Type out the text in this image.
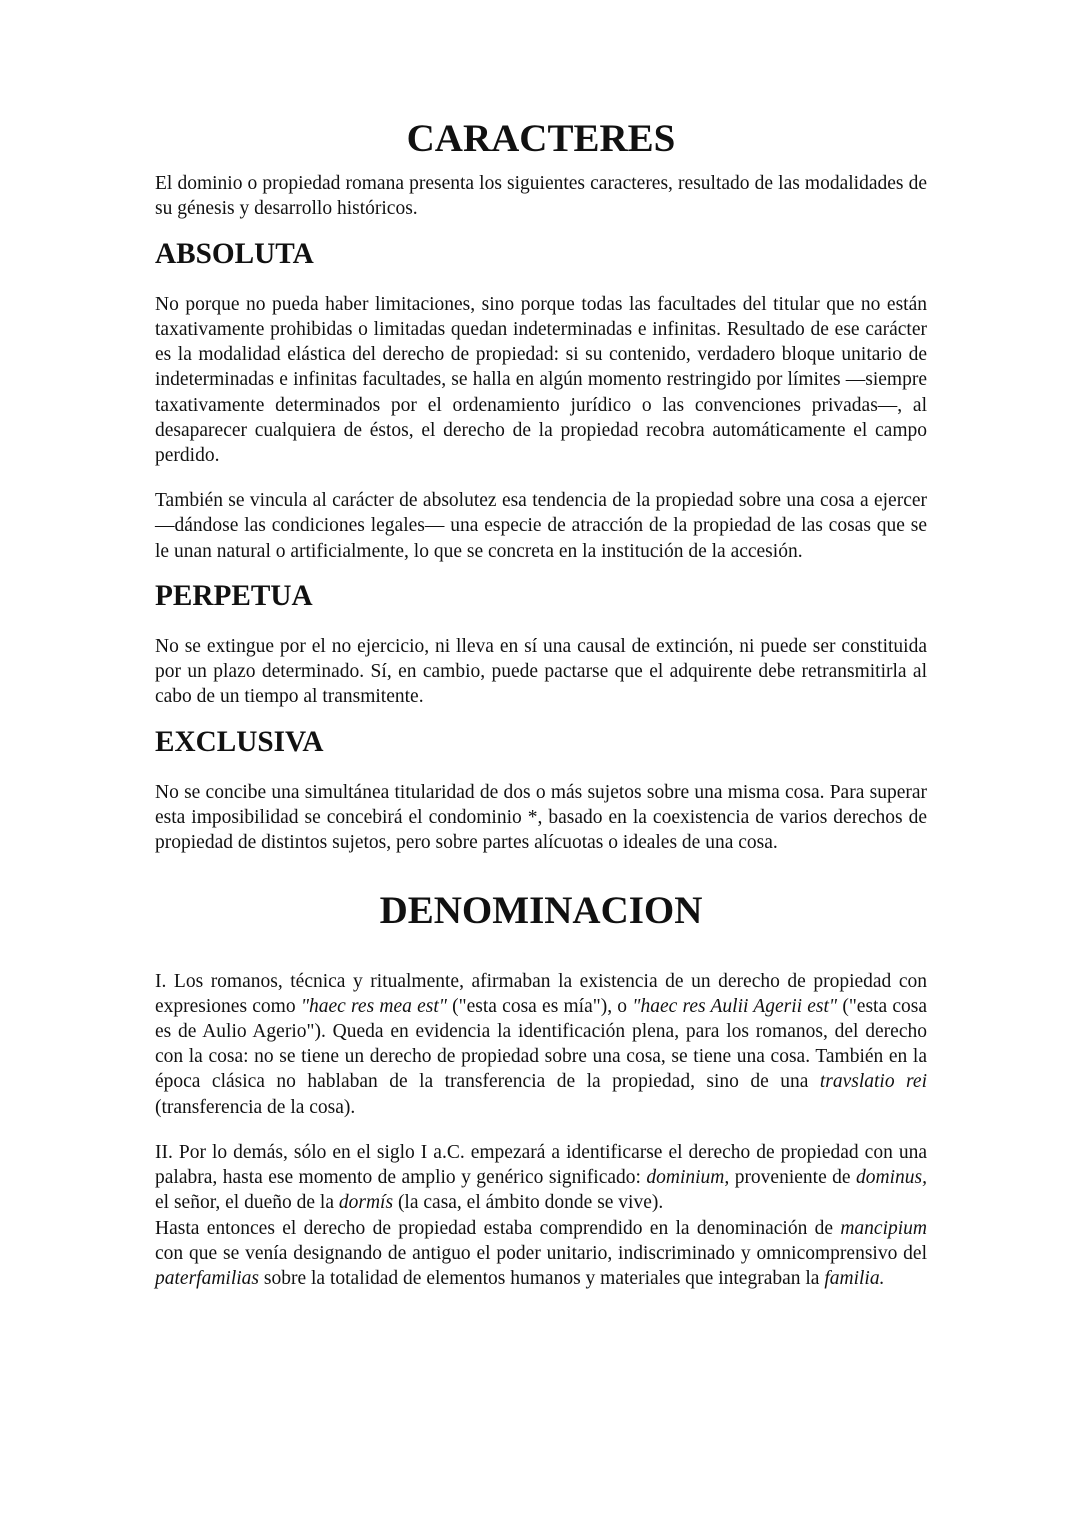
CARACTERES

El dominio o propiedad romana presenta los siguientes caracteres, resultado de las modalidades de su génesis y desarrollo históricos.

ABSOLUTA

No porque no pueda haber limitaciones, sino porque todas las facultades del titular que no están taxativamente prohibidas o limitadas quedan indeterminadas e infinitas. Resultado de ese carácter es la modalidad elástica del derecho de propiedad: si su contenido, verdadero bloque unitario de indeterminadas e infinitas facultades, se halla en algún momento restringido por límites —siempre taxativamente determinados por el ordenamiento jurídico o las convenciones privadas—, al desaparecer cualquiera de éstos, el derecho de la propiedad recobra automáticamente el campo perdido.

También se vincula al carácter de absolutez esa tendencia de la propiedad sobre una cosa a ejercer —dándose las condiciones legales— una especie de atracción de la propiedad de las cosas que se le unan natural o artificialmente, lo que se concreta en la institución de la accesión.

PERPETUA

No se extingue por el no ejercicio, ni lleva en sí una causal de extinción, ni puede ser constituida por un plazo determinado. Sí, en cambio, puede pactarse que el adquirente debe retransmitirla al cabo de un tiempo al transmitente.

EXCLUSIVA

No se concibe una simultánea titularidad de dos o más sujetos sobre una misma cosa. Para superar esta imposibilidad se concebirá el condominio *, basado en la coexistencia de varios derechos de propiedad de distintos sujetos, pero sobre partes alícuotas o ideales de una cosa.

DENOMINACION

I. Los romanos, técnica y ritualmente, afirmaban la existencia de un derecho de propiedad con expresiones como "haec res mea est" ("esta cosa es mía"), o "haec res Aulii Agerii est" ("esta cosa es de Aulio Agerio"). Queda en evidencia la identificación plena, para los romanos, del derecho con la cosa: no se tiene un derecho de propiedad sobre una cosa, se tiene una cosa. También en la época clásica no hablaban de la transferencia de la propiedad, sino de una travslatio rei (transferencia de la cosa).

II. Por lo demás, sólo en el siglo I a.C. empezará a identificarse el derecho de propiedad con una palabra, hasta ese momento de amplio y genérico significado: dominium, proveniente de dominus, el señor, el dueño de la dormís (la casa, el ámbito donde se vive).

Hasta entonces el derecho de propiedad estaba comprendido en la denominación de mancipium con que se venía designando de antiguo el poder unitario, indiscriminado y omnicomprensivo del paterfamilias sobre la totalidad de elementos humanos y materiales que integraban la familia.
